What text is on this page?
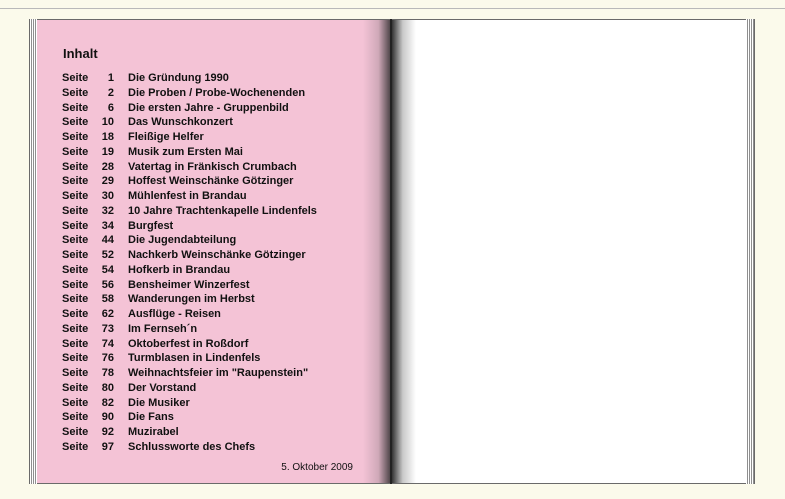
Inhalt
Seite	1 Die Gründung 1990
Seite	2 Die Proben / Probe-Wochenenden
Seite	6 Die ersten Jahre - Gruppenbild
Seite	10 Das Wunschkonzert
Seite	18 Fleißige Helfer
Seite	19 Musik zum Ersten Mai
Seite	28 Vatertag in Fränkisch Crumbach
Seite	29 Hoffest Weinschänke Götzinger
Seite	30 Mühlenfest in Brandau
Seite	32 10 Jahre Trachtenkapelle Lindenfels
Seite	34 Burgfest
Seite	44 Die Jugendabteilung
Seite	52 Nachkerb Weinschänke Götzinger
Seite	54 Hofkerb in Brandau
Seite	56 Bensheimer Winzerfest
Seite	58 Wanderungen im Herbst
Seite	62 Ausflüge - Reisen
Seite	73 Im Fernseh´n
Seite	74 Oktoberfest in Roßdorf
Seite	76 Turmblasen in Lindenfels
Seite	78 Weihnachtsfeier im "Raupenstein"
Seite	80 Der Vorstand
Seite	82 Die Musiker
Seite	90 Die Fans
Seite	92 Muzirabel
Seite	97 Schlussworte des Chefs
5. Oktober 2009
